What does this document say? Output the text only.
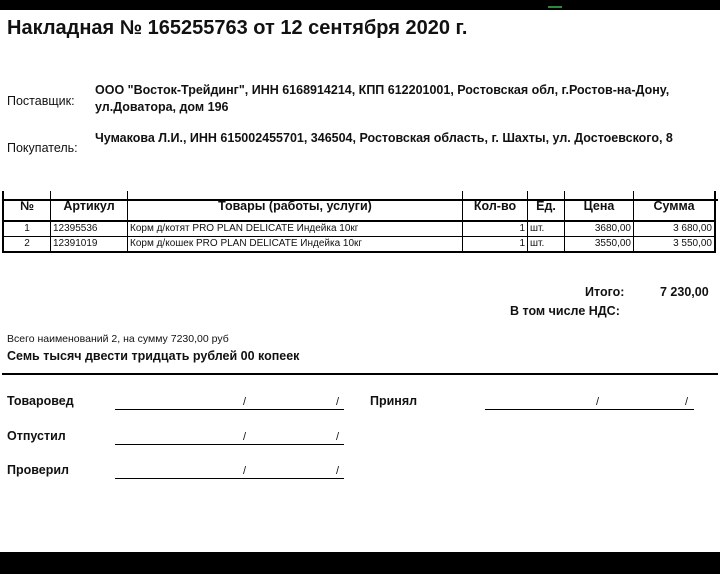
Накладная № 165255763 от 12 сентября 2020 г.
Поставщик:
ООО "Восток-Трейдинг", ИНН 6168914214, КПП 612201001, Ростовская обл, г.Ростов-на-Дону, ул.Доватора, дом 196
Покупатель:
Чумакова Л.И., ИНН 615002455701, 346504, Ростовская область, г. Шахты, ул. Достоевского, 8
№	Артикул	Товары (работы, услуги)	Кол-во	Ед.	Цена	Сумма
1	12395536	Корм д/котят PRO PLAN DELICATE Индейка 10кг	1	шт.	3680,00	3 680,00
2	12391019	Корм д/кошек PRO PLAN DELICATE Индейка 10кг	1	шт.	3550,00	3 550,00
Итого:	7 230,00
В том числе НДС:
Всего наименований 2, на сумму 7230,00 руб
Семь тысяч двести тридцать рублей 00 копеек
Товаровед	/	/ Принял	/	/
Отпустил	/	/
Проверил	/	/
